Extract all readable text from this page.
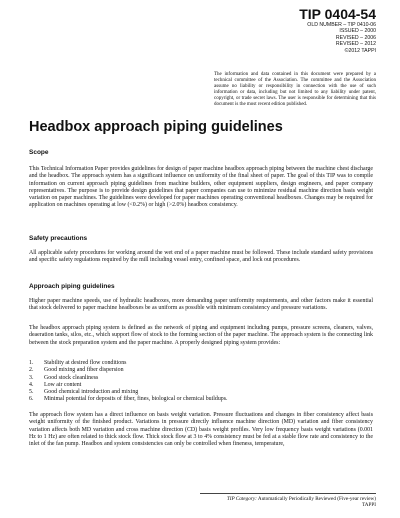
TIP 0404-54
OLD NUMBER – TIP 0410-06
ISSUED – 2000
REVISED – 2006
REVISED – 2012
©2012 TAPPI
The information and data contained in this document were prepared by a technical committee of the Association. The committee and the Association assume no liability or responsibility in connection with the use of such information or data, including but not limited to any liability under patent, copyright, or trade secret laws. The user is responsible for determining that this document is the most recent edition published.
Headbox approach piping guidelines
Scope

This Technical Information Paper provides guidelines for design of paper machine headbox approach piping between the machine chest discharge and the headbox. The approach system has a significant influence on uniformity of the final sheet of paper. The goal of this TIP was to compile information on current approach piping guidelines from machine builders, other equipment suppliers, design engineers, and paper company representatives. The purpose is to provide design guidelines that paper companies can use to minimize residual machine direction basis weight variation on paper machines. The guidelines were developed for paper machines operating conventional headboxes. Changes may be required for application on machines operating at low (<0.2%) or high (>2.0%) headbox consistency.

Safety precautions

All applicable safety procedures for working around the wet end of a paper machine must be followed. These include standard safety provisions and specific safety regulations required by the mill including vessel entry, confined space, and lock out procedures.

Approach piping guidelines

Higher paper machine speeds, use of hydraulic headboxes, more demanding paper uniformity requirements, and other factors make it essential that stock delivered to paper machine headboxes be as uniform as possible with minimum consistency and pressure variations.

The headbox approach piping system is defined as the network of piping and equipment including pumps, pressure screens, cleaners, valves, deaeration tanks, silos, etc., which support flow of stock to the forming section of the paper machine. The approach system is the connecting link between the stock preparation system and the paper machine. A properly designed piping system provides:

1.	Stability at desired flow conditions
2.	Good mixing and fiber dispersion
3.	Good stock cleanliness
4.	Low air content
5.	Good chemical introduction and mixing
6.	Minimal potential for deposits of fiber, fines, biological or chemical buildups.

The approach flow system has a direct influence on basis weight variation. Pressure fluctuations and changes in fiber consistency affect basis weight uniformity of the finished product. Variations in pressure directly influence machine direction (MD) variation and fiber consistency variation affects both MD variation and cross machine direction (CD) basis weight profiles. Very low frequency basis weight variations (0.001 Hz to 1 Hz) are often related to thick stock flow. Thick stock flow at 3 to 4% consistency must be fed at a stable flow rate and consistency to the inlet of the fan pump. Headbox and system consistencies can only be controlled when fineness, temperature,

TIP Category: Automatically Periodically Reviewed (Five-year review)
TAPPI
